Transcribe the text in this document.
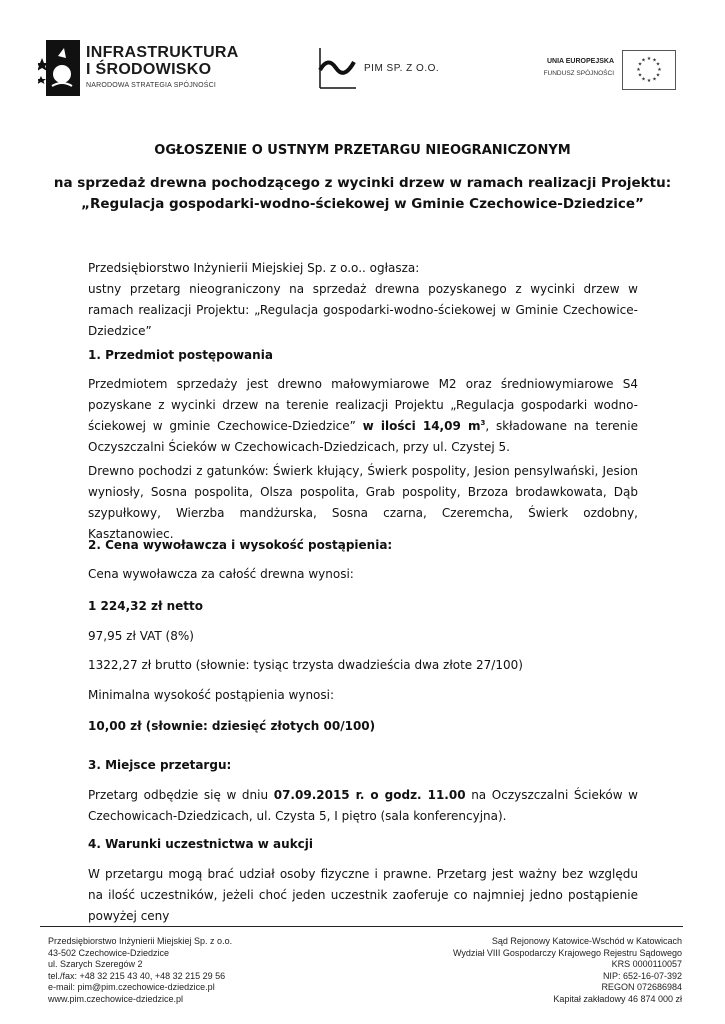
INFRASTRUKTURA
I ŚRODOWISKO
NARODOWA STRATEGIA SPÓJNOŚCI
PIM SP. Z O.O.
UNIA EUROPEJSKA
FUNDUSZ SPÓJNOŚCI
★ ★
★
★
★
★
★
★
★
★
★
★
OGŁOSZENIE O USTNYM PRZETARGU NIEOGRANICZONYM
na sprzedaż drewna pochodzącego z wycinki drzew w ramach realizacji Projektu:
„Regulacja gospodarki-wodno-ściekowej w Gminie Czechowice-Dziedzice”
Przedsiębiorstwo Inżynierii Miejskiej Sp. z o.o.. ogłasza:
ustny przetarg nieograniczony na sprzedaż drewna pozyskanego z wycinki drzew w ramach realizacji Projektu: „Regulacja gospodarki-wodno-ściekowej w Gminie Czechowice-Dziedzice”
1. Przedmiot postępowania
Przedmiotem sprzedaży jest drewno małowymiarowe M2 oraz średniowymiarowe S4 pozyskane z wycinki drzew na terenie realizacji Projektu „Regulacja gospodarki wodno-ściekowej w gminie Czechowice-Dziedzice” w ilości 14,09 $m^3$, składowane na terenie Oczyszczalni Ścieków w Czechowicach-Dziedzicach, przy ul. Czystej 5.
Drewno pochodzi z gatunków: Świerk kłujący, Świerk pospolity, Jesion pensylwański, Jesion wyniosły, Sosna pospolita, Olsza pospolita, Grab pospolity, Brzoza brodawkowata, Dąb szypułkowy, Wierzba mandżurska, Sosna czarna, Czeremcha, Świerk ozdobny, Kasztanowiec.
2. Cena wywoławcza i wysokość postąpienia:
Cena wywoławcza za całość drewna wynosi:
1 224,32 zł netto
97,95 zł VAT (8%)
1322,27 zł brutto (słownie: tysiąc trzysta dwadzieścia dwa złote 27/100)
Minimalna wysokość postąpienia wynosi:
10,00 zł (słownie: dziesięć złotych 00/100)
3. Miejsce przetargu:
Przetarg odbędzie się w dniu 07.09.2015 r. o godz. 11.00 na Oczyszczalni Ścieków w Czechowicach-Dziedzicach, ul. Czysta 5, I piętro (sala konferencyjna).
4. Warunki uczestnictwa w aukcji
W przetargu mogą brać udział osoby fizyczne i prawne. Przetarg jest ważny bez względu na ilość uczestników, jeżeli choć jeden uczestnik zaoferuje co najmniej jedno postąpienie powyżej ceny
Przedsiębiorstwo Inżynierii Miejskiej Sp. z o.o.
43-502 Czechowice-Dziedzice
ul. Szarych Szeregów 2
tel./fax: +48 32 215 43 40, +48 32 215 29 56
e-mail: pim@pim.czechowice-dziedzice.pl
www.pim.czechowice-dziedzice.pl
Sąd Rejonowy Katowice-Wschód w Katowicach
Wydział VIII Gospodarczy Krajowego Rejestru Sądowego
KRS 0000110057
NIP: 652-16-07-392
REGON 072686984
Kapitał zakładowy 46 874 000 zł
